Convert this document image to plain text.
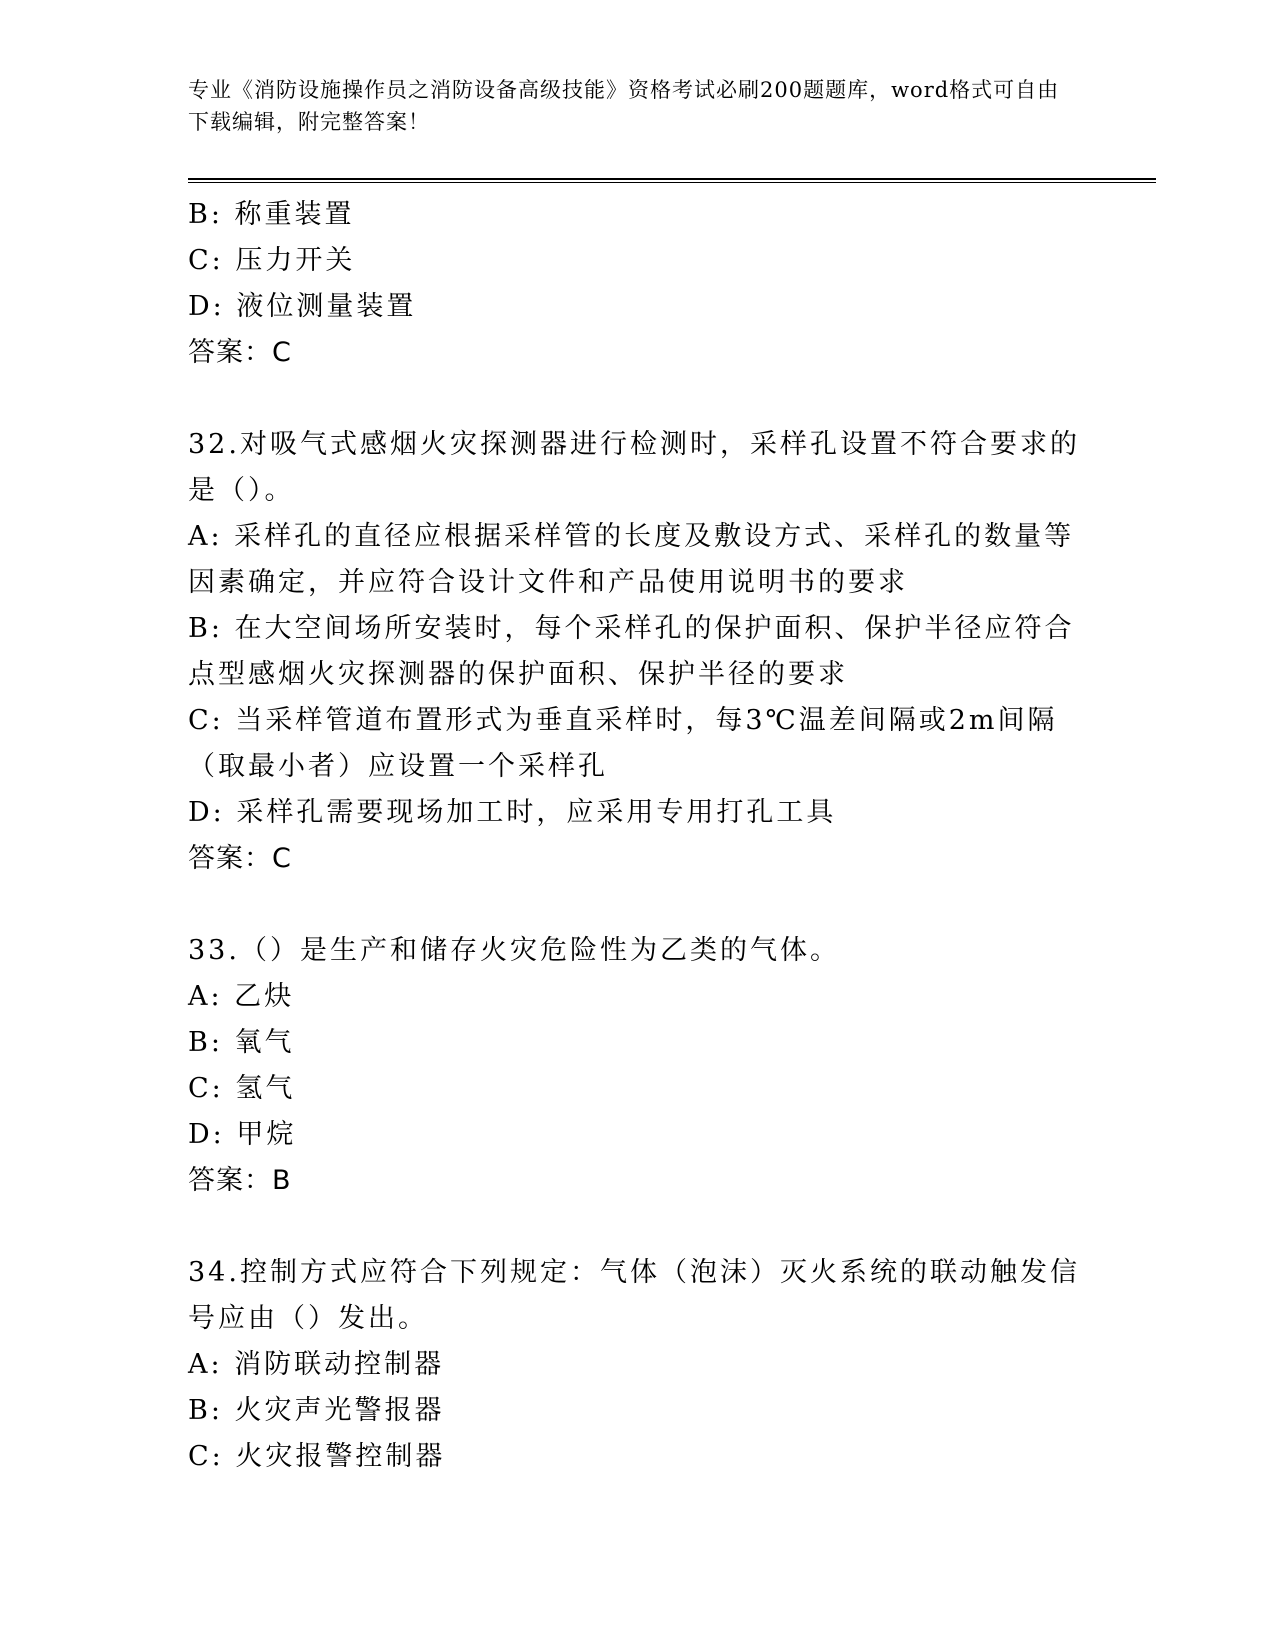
专业《消防设施操作员之消防设备高级技能》资格考试必刷200题题库，word格式可自由下载编辑，附完整答案！
B: 称重装置
C: 压力开关
D: 液位测量装置
答案：C
32.对吸气式感烟火灾探测器进行检测时，采样孔设置不符合要求的是（）。
A: 采样孔的直径应根据采样管的长度及敷设方式、采样孔的数量等因素确定，并应符合设计文件和产品使用说明书的要求
B: 在大空间场所安装时，每个采样孔的保护面积、保护半径应符合点型感烟火灾探测器的保护面积、保护半径的要求
C: 当采样管道布置形式为垂直采样时，每3℃温差间隔或2m间隔（取最小者）应设置一个采样孔
D: 采样孔需要现场加工时，应采用专用打孔工具
答案：C
33.（）是生产和储存火灾危险性为乙类的气体。
A: 乙炔
B: 氧气
C: 氢气
D: 甲烷
答案：B
34.控制方式应符合下列规定：气体（泡沫）灭火系统的联动触发信号应由（）发出。
A: 消防联动控制器
B: 火灾声光警报器
C: 火灾报警控制器
